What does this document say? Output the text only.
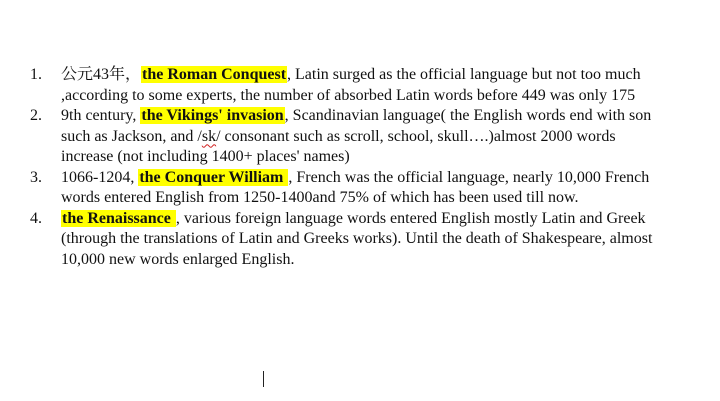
1.	公元43年，the Roman Conquest, Latin surged as the official language but not too much ,according to some experts, the number of absorbed Latin words before 449 was only 175
2.	9th century, the Vikings' invasion, Scandinavian language( the English words end with son such as Jackson, and /sk/ consonant such as scroll, school, skull….)almost 2000 words increase (not including 1400+ places' names)
3.	1066-1204, the Conquer William , French was the official language, nearly 10,000 French words entered English from 1250-1400and 75% of which has been used till now.
4.	the Renaissance , various foreign language words entered English mostly Latin and Greek (through the translations of Latin and Greeks works). Until the death of Shakespeare, almost 10,000 new words enlarged English.
